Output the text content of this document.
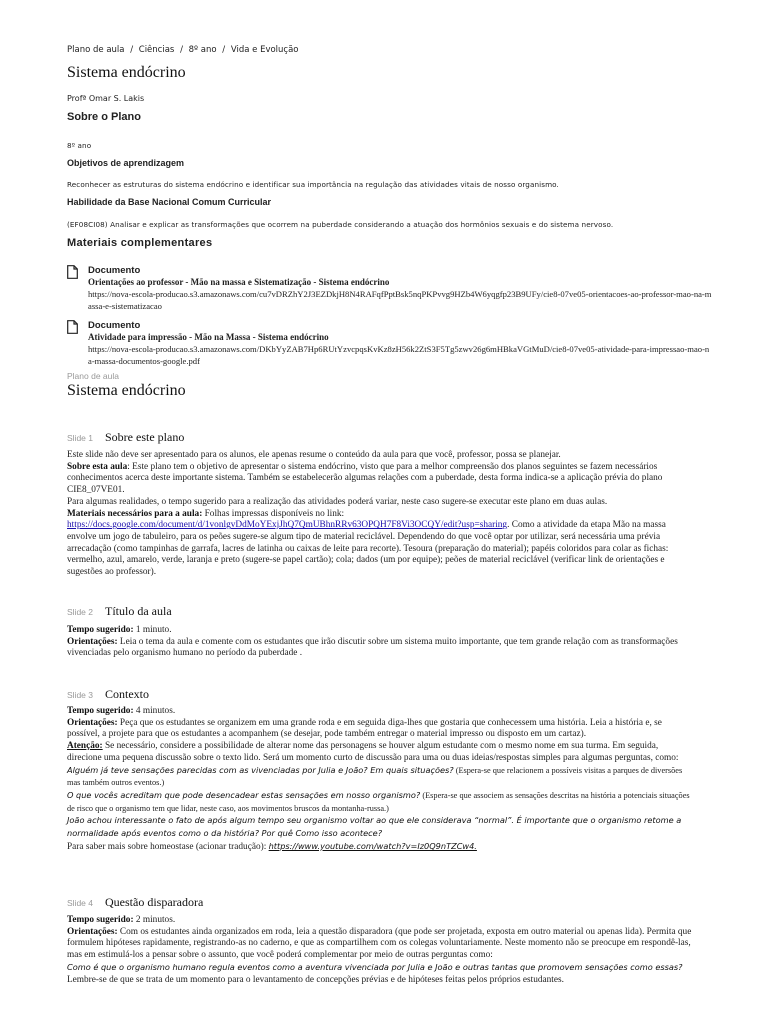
Plano de aula / Ciências / 8º ano / Vida e Evolução
Sistema endócrino
Profª Omar S. Lakis
Sobre o Plano
8º ano
Objetivos de aprendizagem
Reconhecer as estruturas do sistema endócrino e identificar sua importância na regulação das atividades vitais de nosso organismo.
Habilidade da Base Nacional Comum Curricular
(EF08CI08) Analisar e explicar as transformações que ocorrem na puberdade considerando a atuação dos hormônios sexuais e do sistema nervoso.
Materiais complementares
Documento
Orientações ao professor - Mão na massa e Sistematização - Sistema endócrino
https://nova-escola-producao.s3.amazonaws.com/cu7vDRZhY2J3EZDkjH8N4RAFqfPptBsk5nqPKPvvg9HZb4W6yqgfp23B9UFy/cie8-07ve05-orientacoes-ao-professor-mao-na-massa-e-sistematizacao
Documento
Atividade para impressão - Mão na Massa - Sistema endócrino
https://nova-escola-producao.s3.amazonaws.com/DKbYyZAB7Hp6RUtYzvcpqsKvKz8zH56k2ZtS3F5Tg5zwv26g6mHBkaVGtMuD/cie8-07ve05-atividade-para-impressao-mao-na-massa-documentos-google.pdf
Plano de aula
Sistema endócrino
Slide 1 Sobre este plano

Este slide não deve ser apresentado para os alunos, ele apenas resume o conteúdo da aula para que você, professor, possa se planejar.

Sobre esta aula: Este plano tem o objetivo de apresentar o sistema endócrino, visto que para a melhor compreensão dos planos seguintes se fazem necessários conhecimentos acerca deste importante sistema. Também se estabelecerão algumas relações com a puberdade, desta forma indica-se a aplicação prévia do plano CIE8_07VE01.

Para algumas realidades, o tempo sugerido para a realização das atividades poderá variar, neste caso sugere-se executar este plano em duas aulas.

Materiais necessários para a aula: Folhas impressas disponíveis no link:
https://docs.google.com/document/d/1vonlgvDdMoYExjJhQ7QmUBhnRRv63OPQH7F8Vi3OCQY/edit?usp=sharing. Como a atividade da etapa Mão na massa envolve um jogo de tabuleiro, para os peões sugere-se algum tipo de material reciclável. Dependendo do que você optar por utilizar, será necessária uma prévia arrecadação (como tampinhas de garrafa, lacres de latinha ou caixas de leite para recorte). Tesoura (preparação do material); papéis coloridos para colar as fichas: vermelho, azul, amarelo, verde, laranja e preto (sugere-se papel cartão); cola; dados (um por equipe); peões de material reciclável (verificar link de orientações e sugestões ao professor).

Slide 2 Título da aula

Tempo sugerido: 1 minuto.

Orientações: Leia o tema da aula e comente com os estudantes que irão discutir sobre um sistema muito importante, que tem grande relação com as transformações vivenciadas pelo organismo humano no período da puberdade .

Slide 3 Contexto

Tempo sugerido: 4 minutos.

Orientações: Peça que os estudantes se organizem em uma grande roda e em seguida diga-lhes que gostaria que conhecessem uma história. Leia a história e, se possível, a projete para que os estudantes a acompanhem (se desejar, pode também entregar o material impresso ou disposto em um cartaz).

Atenção: Se necessário, considere a possibilidade de alterar nome das personagens se houver algum estudante com o mesmo nome em sua turma. Em seguida, direcione uma pequena discussão sobre o texto lido. Será um momento curto de discussão para uma ou duas ideias/respostas simples para algumas perguntas, como:

Alguém já teve sensações parecidas com as vivenciadas por Julia e João? Em quais situações? (Espera-se que relacionem a possíveis visitas a parques de diversões mas também outros eventos.)

O que vocês acreditam que pode desencadear estas sensações em nosso organismo? (Espera-se que associem as sensações descritas na história a potenciais situações de risco que o organismo tem que lidar, neste caso, aos movimentos bruscos da montanha-russa.)

João achou interessante o fato de após algum tempo seu organismo voltar ao que ele considerava “normal”. É importante que o organismo retome a normalidade após eventos como o da história? Por quê Como isso acontece?

Para saber mais sobre homeostase (acionar tradução): https://www.youtube.com/watch?v=Iz0Q9nTZCw4.

Slide 4 Questão disparadora

Tempo sugerido: 2 minutos.

Orientações: Com os estudantes ainda organizados em roda, leia a questão disparadora (que pode ser projetada, exposta em outro material ou apenas lida). Permita que formulem hipóteses rapidamente, registrando-as no caderno, e que as compartilhem com os colegas voluntariamente. Neste momento não se preocupe em respondê-las, mas em estimulá-los a pensar sobre o assunto, que você poderá complementar por meio de outras perguntas como:

Como é que o organismo humano regula eventos como a aventura vivenciada por Julia e João e outras tantas que promovem sensações como essas?

Lembre-se de que se trata de um momento para o levantamento de concepções prévias e de hipóteses feitas pelos próprios estudantes.
